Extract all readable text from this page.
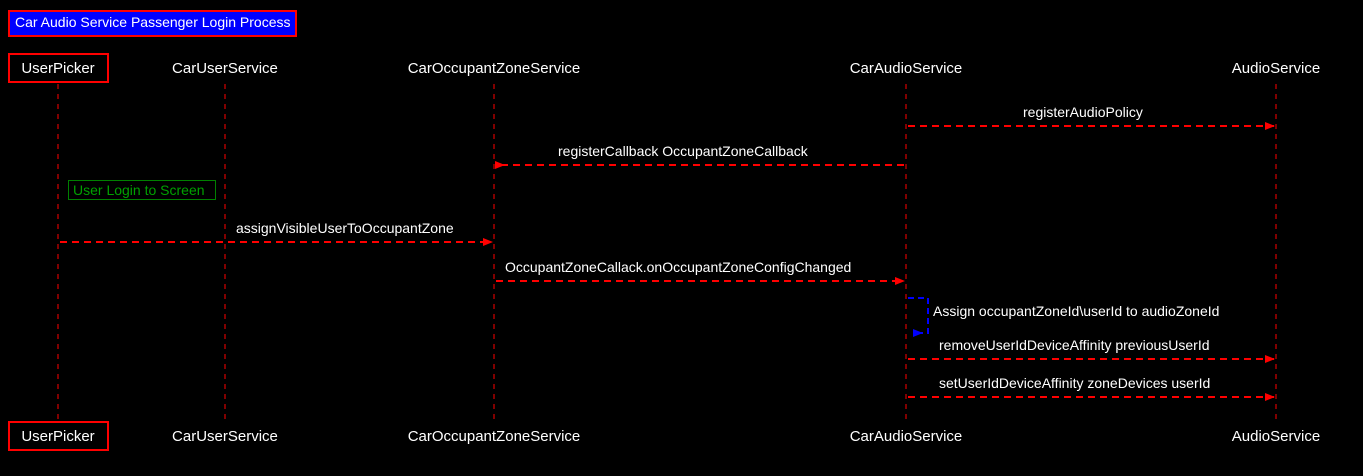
UserPicker	CarUserService	CarOccupantZoneService	CarAudioService	AudioService
UserPicker	CarUserService	CarOccupantZoneService	CarAudioService	AudioService
Car Audio Service Passenger Login Process
registerAudioPolicy
registerCallback OccupantZoneCallback
assignVisibleUserToOccupantZone
OccupantZoneCallack.onOccupantZoneConfigChanged
removeUserIdDeviceAffinity previousUserId
setUserIdDeviceAffinity zoneDevices userId
Assign occupantZoneId\userId to audioZoneId
User Login to Screen
